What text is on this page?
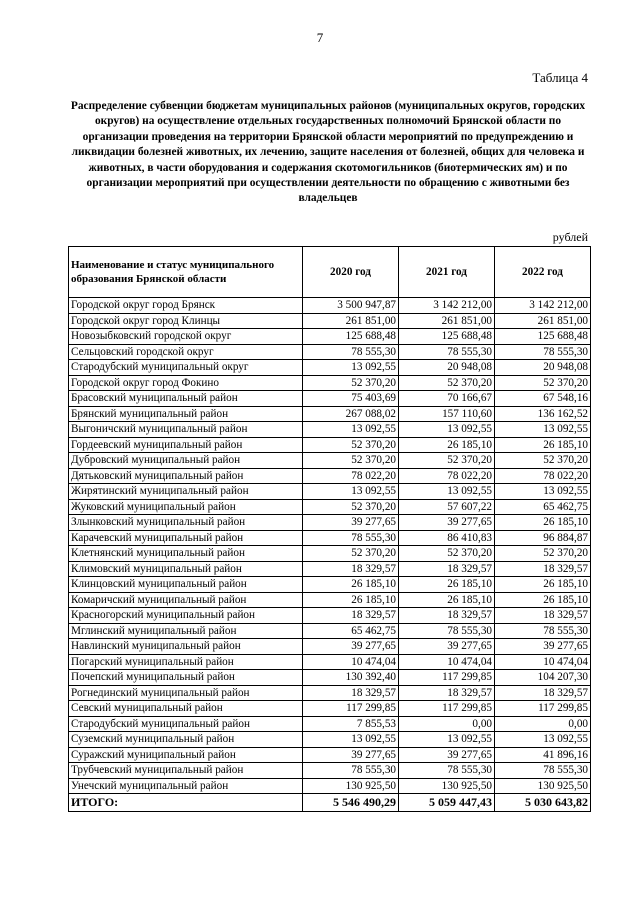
7
Таблица 4
Распределение субвенции бюджетам муниципальных районов (муниципальных округов, городских округов) на осуществление отдельных государственных полномочий Брянской области по организации проведения на территории Брянской области мероприятий по предупреждению и ликвидации болезней животных, их лечению, защите населения от болезней, общих для человека и животных, в части оборудования и содержания скотомогильников (биотермических ям) и по организации мероприятий при осуществлении деятельности по обращению с животными без владельцев
рублей
Наименование и статус муниципального образования Брянской области	2020 год	2021 год	2022 год
Городской округ город Брянск	3 500 947,87	3 142 212,00	3 142 212,00
Городской округ город Клинцы	261 851,00	261 851,00	261 851,00
Новозыбковский городской округ	125 688,48	125 688,48	125 688,48
Сельцовский городской округ	78 555,30	78 555,30	78 555,30
Стародубский муниципальный округ	13 092,55	20 948,08	20 948,08
Городской округ город Фокино	52 370,20	52 370,20	52 370,20
Брасовский муниципальный район	75 403,69	70 166,67	67 548,16
Брянский муниципальный район	267 088,02	157 110,60	136 162,52
Выгоничский муниципальный район	13 092,55	13 092,55	13 092,55
Гордеевский муниципальный район	52 370,20	26 185,10	26 185,10
Дубровский муниципальный район	52 370,20	52 370,20	52 370,20
Дятьковский муниципальный район	78 022,20	78 022,20	78 022,20
Жирятинский муниципальный район	13 092,55	13 092,55	13 092,55
Жуковский муниципальный район	52 370,20	57 607,22	65 462,75
Злынковский муниципальный район	39 277,65	39 277,65	26 185,10
Карачевский муниципальный район	78 555,30	86 410,83	96 884,87
Клетнянский муниципальный район	52 370,20	52 370,20	52 370,20
Климовский муниципальный район	18 329,57	18 329,57	18 329,57
Клинцовский муниципальный район	26 185,10	26 185,10	26 185,10
Комаричский муниципальный район	26 185,10	26 185,10	26 185,10
Красногорский муниципальный район	18 329,57	18 329,57	18 329,57
Мглинский муниципальный район	65 462,75	78 555,30	78 555,30
Навлинский муниципальный район	39 277,65	39 277,65	39 277,65
Погарский муниципальный район	10 474,04	10 474,04	10 474,04
Почепский муниципальный район	130 392,40	117 299,85	104 207,30
Рогнединский муниципальный район	18 329,57	18 329,57	18 329,57
Севский муниципальный район	117 299,85	117 299,85	117 299,85
Стародубский муниципальный район	7 855,53	0,00	0,00
Суземский муниципальный район	13 092,55	13 092,55	13 092,55
Суражский муниципальный район	39 277,65	39 277,65	41 896,16
Трубчевский муниципальный район	78 555,30	78 555,30	78 555,30
Унечский муниципальный район	130 925,50	130 925,50	130 925,50
ИТОГО:	5 546 490,29	5 059 447,43	5 030 643,82
